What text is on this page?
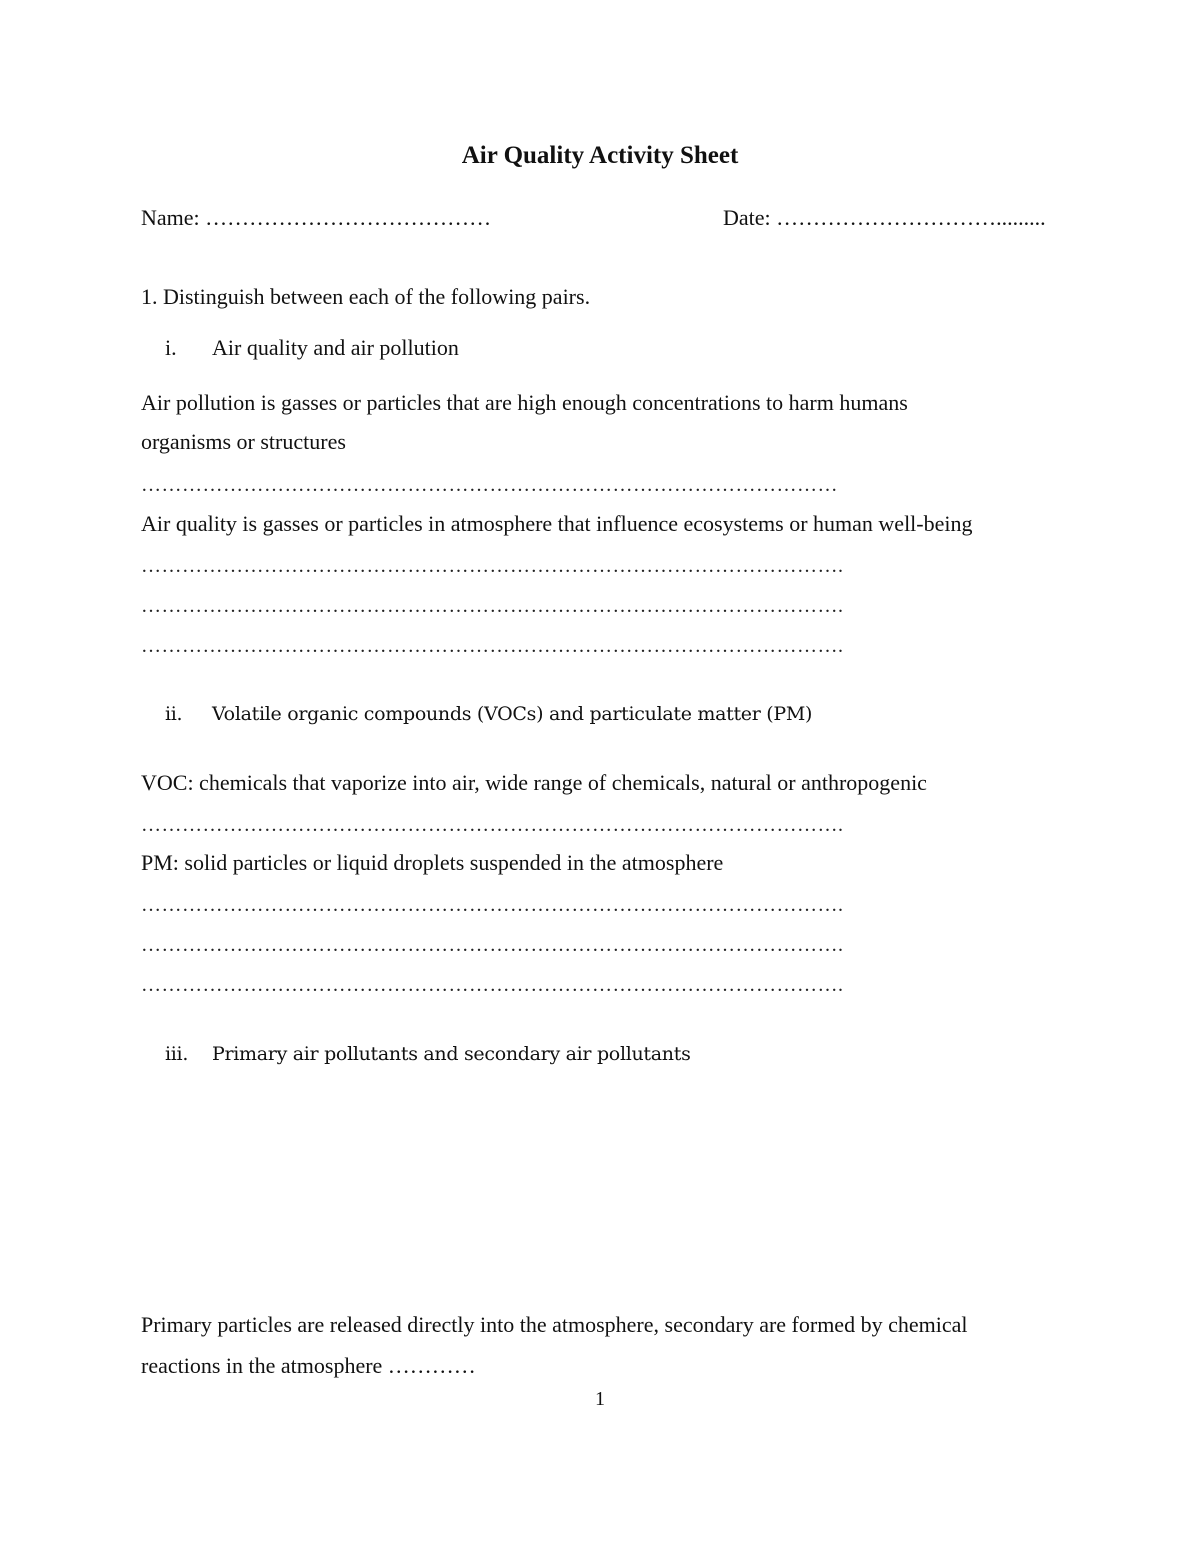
Air Quality Activity Sheet
Name: …………………………………	Date: ………………………….........
1. Distinguish between each of the following pairs.
i. Air quality and air pollution
Air pollution is gasses or particles that are high enough concentrations to harm humans
organisms or structures
…………………………………………………………………………………………
Air quality is gasses or particles in atmosphere that influence ecosystems or human well-being
………………………………………………………………………………………….
………………………………………………………………………………………….
………………………………………………………………………………………….
ii. Volatile organic compounds (VOCs) and particulate matter (PM)
VOC: chemicals that vaporize into air, wide range of chemicals, natural or anthropogenic
………………………………………………………………………………………….
PM: solid particles or liquid droplets suspended in the atmosphere
………………………………………………………………………………………….
………………………………………………………………………………………….
………………………………………………………………………………………….
iii. Primary air pollutants and secondary air pollutants
Primary particles are released directly into the atmosphere, secondary are formed by chemical
reactions in the atmosphere …………
1
